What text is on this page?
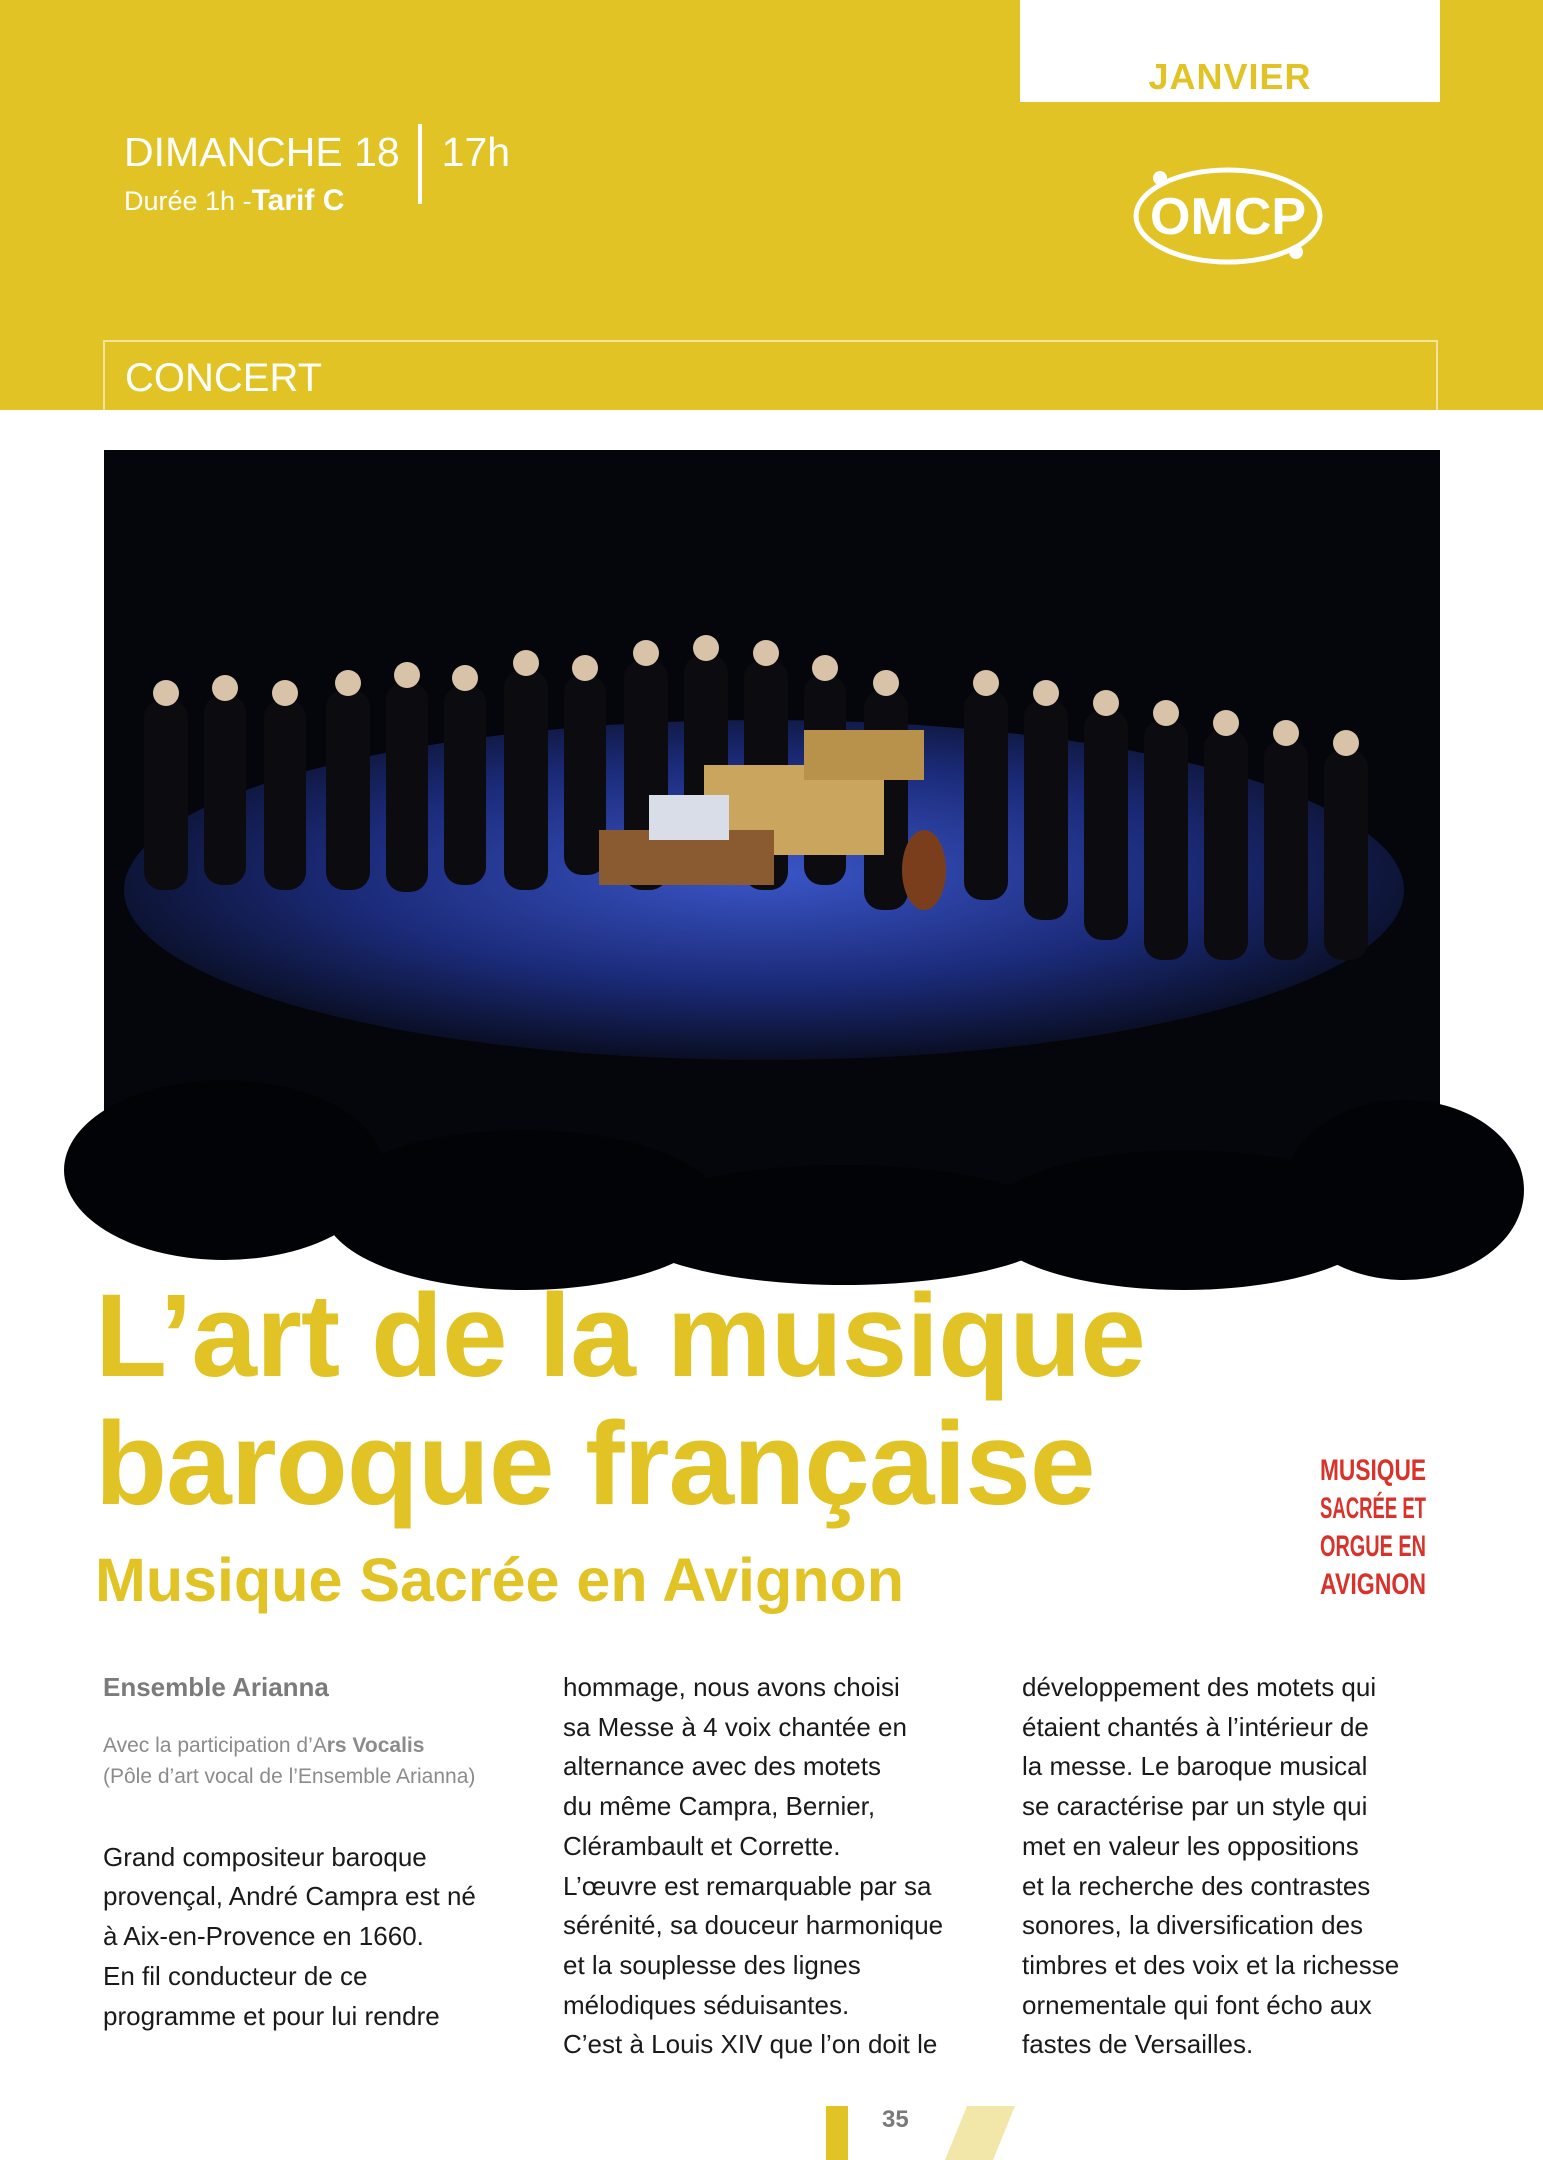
JANVIER
DIMANCHE 18 17h
Durée 1h -Tarif C	OMCP
CONCERT
L’art de la musique
baroque française
Musique Sacrée en Avignon
MUSIQUE
SACRÉE ET
ORGUE EN
AVIGNON
Ensemble Arianna
Avec la participation d’Ars Vocalis
(Pôle d’art vocal de l’Ensemble Arianna)
Grand compositeur baroque
provençal, André Campra est né
à Aix-en-Provence en 1660.
En fil conducteur de ce
programme et pour lui rendre
hommage, nous avons choisi
sa Messe à 4 voix chantée en
alternance avec des motets
du même Campra, Bernier,
Clérambault et Corrette.
L’œuvre est remarquable par sa
sérénité, sa douceur harmonique
et la souplesse des lignes
mélodiques séduisantes.
C’est à Louis XIV que l’on doit le
développement des motets qui
étaient chantés à l’intérieur de
la messe. Le baroque musical
se caractérise par un style qui
met en valeur les oppositions
et la recherche des contrastes
sonores, la diversification des
timbres et des voix et la richesse
ornementale qui font écho aux
fastes de Versailles.
35
